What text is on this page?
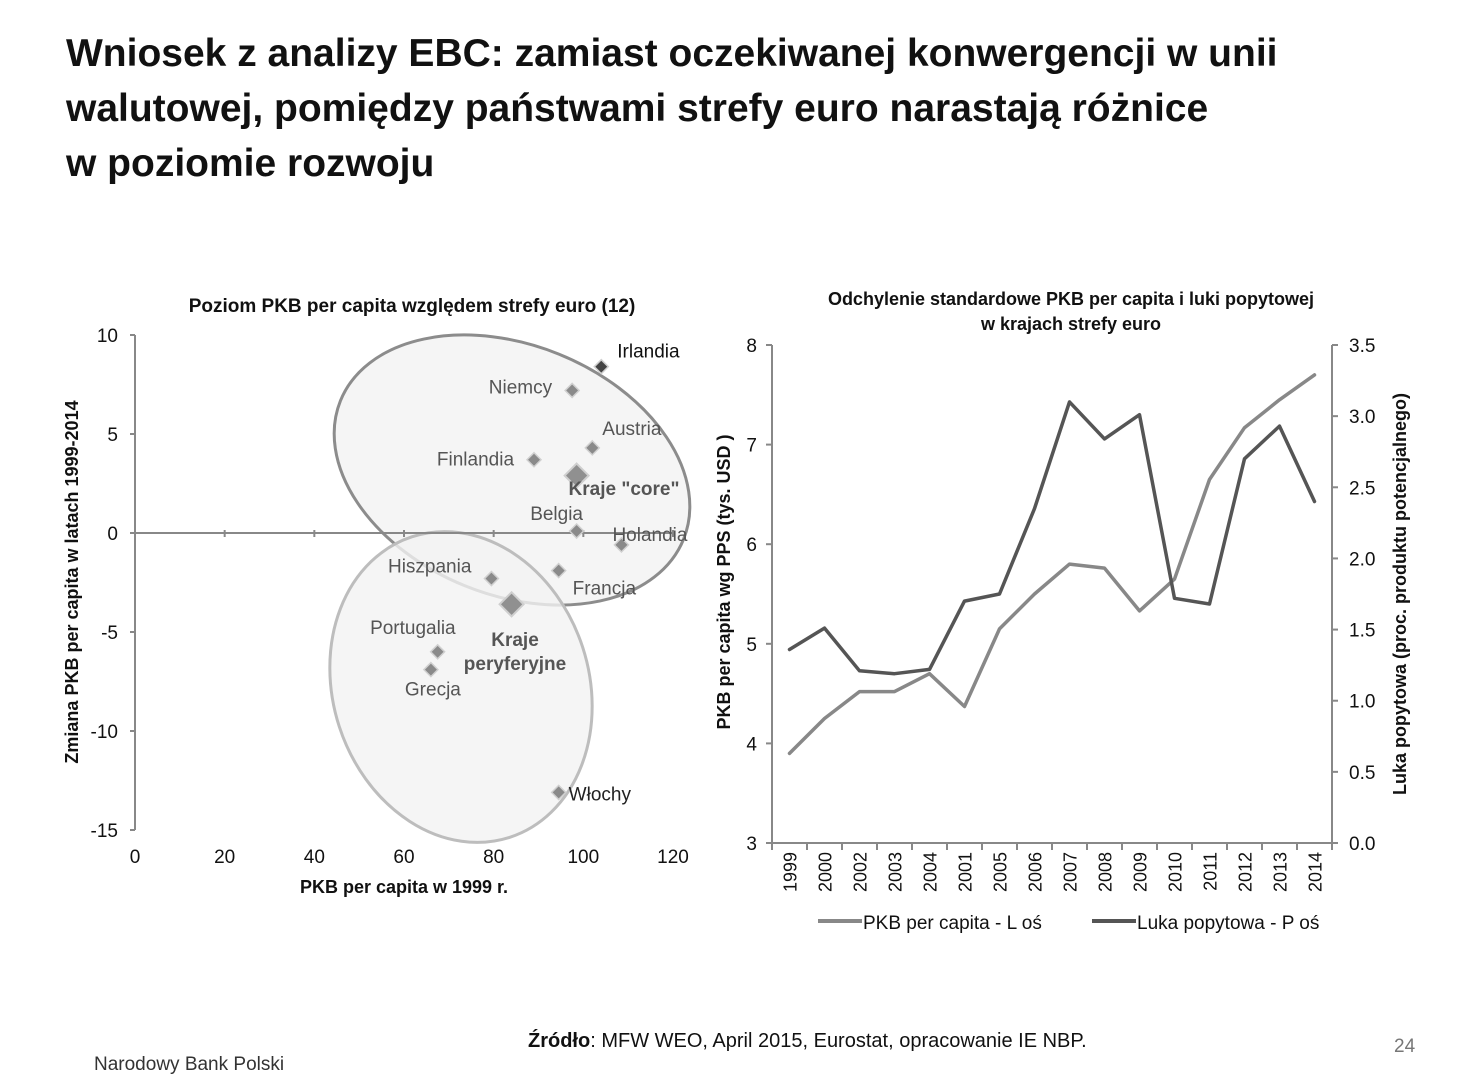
Wniosek z analizy EBC: zamiast oczekiwanej konwergencji w unii
walutowej, pomiędzy państwami strefy euro narastają różnice
w poziomie rozwoju
Poziom PKB per capita względem strefy euro (12)
10
5
0
-5
-10
-15
0	20	40	60	80	100	120
Irlandia
Niemcy
Austria
Finlandia
Belgia
Holandia
Hiszpania
Francja
Portugalia
Grecja
Włochy
Kraje "core"
Kraje
peryferyjne
PKB per capita w 1999 r.
Zmiana PKB per capita w latach 1999-2014
Odchylenie standardowe PKB per capita i luki popytowej
w krajach strefy euro
8
7
6
5
4
3
3.5
3.0
2.5
2.0
1.5
1.0
0.5
0.0
1999 2000 2002 2003 2004 2001 2005 2006 2007 2008 2009 2010 2011 2012 2013 2014
PKB per capita wg PPS (tys. USD )	Luka popytowa (proc. produktu potencjalnego)
PKB per capita - L oś	Luka popytowa - P oś
Źródło: MFW WEO, April 2015, Eurostat, opracowanie IE NBP.
Narodowy Bank Polski
24
